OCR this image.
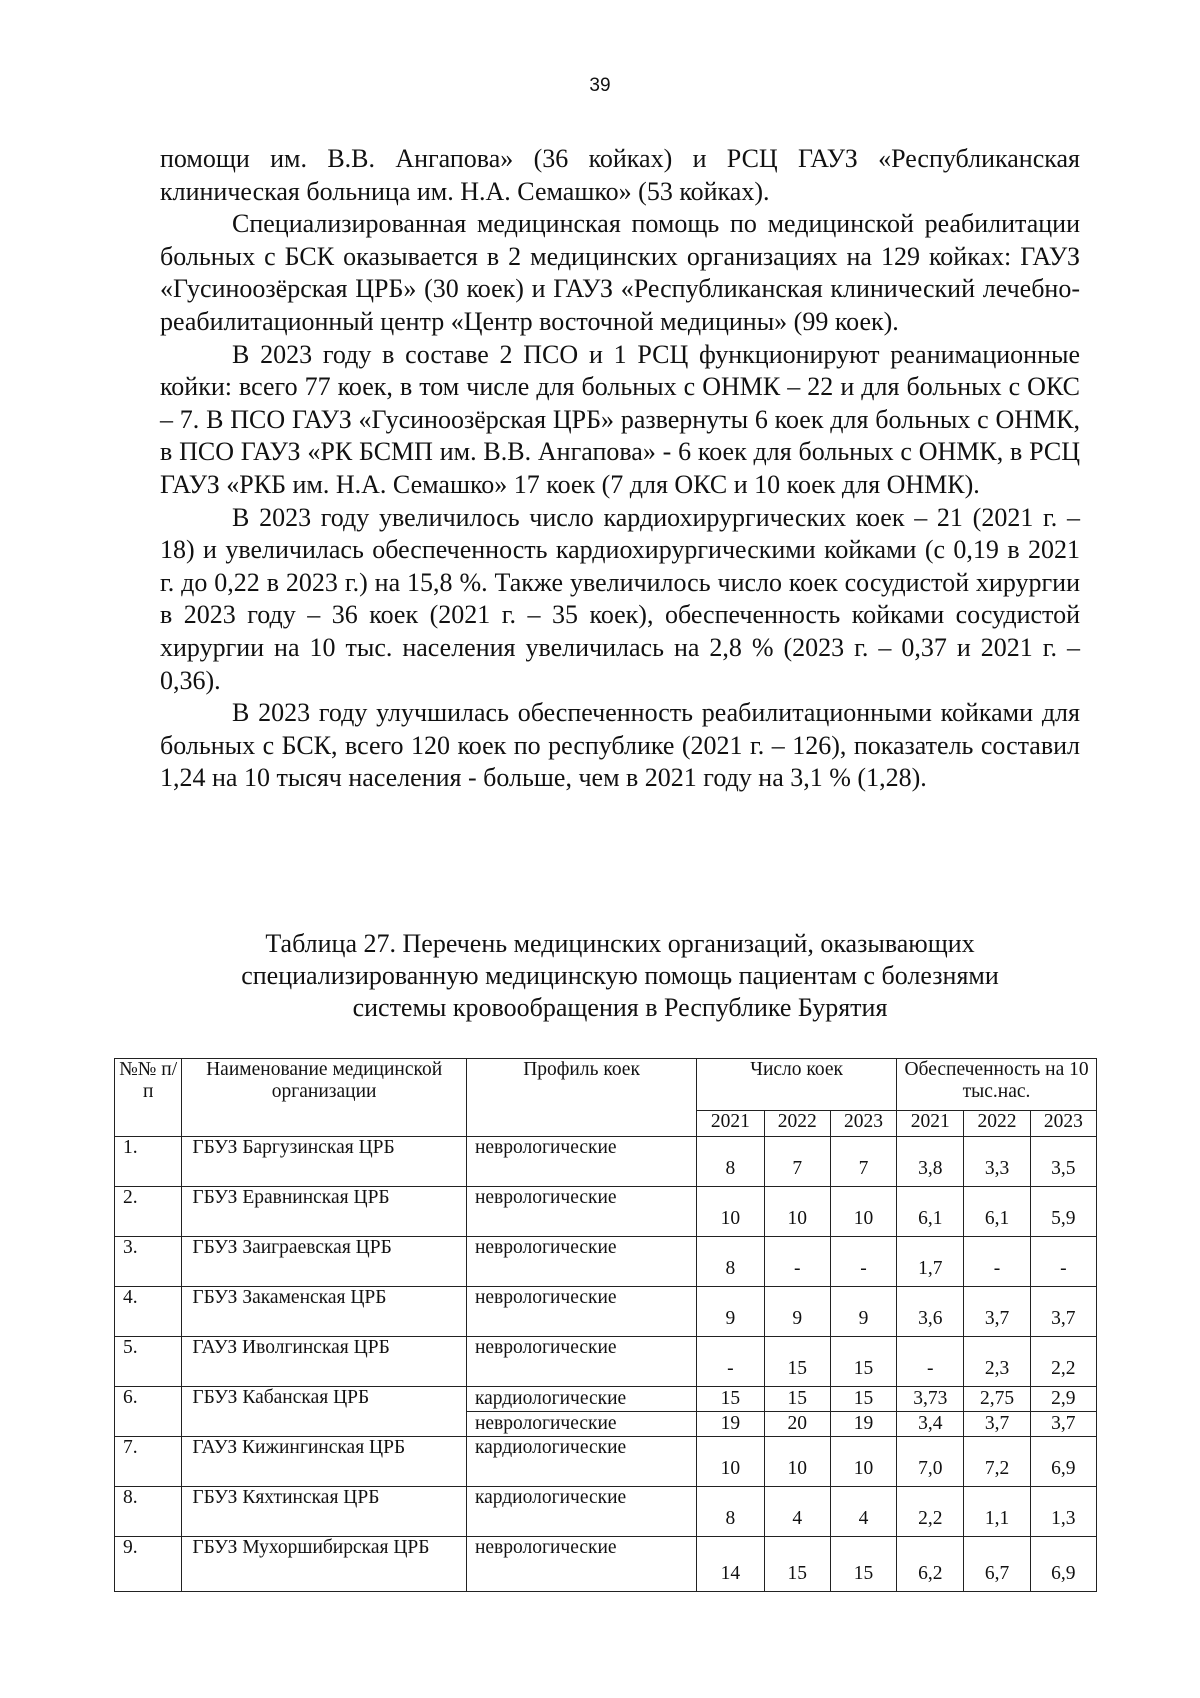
39

помощи им. В.В. Ангапова» (36 койках) и РСЦ ГАУЗ «Республиканская клиническая больница им. Н.А. Семашко» (53 койках).

Специализированная медицинская помощь по медицинской реабилитации больных с БСК оказывается в 2 медицинских организациях на 129 койках: ГАУЗ «Гусиноозёрская ЦРБ» (30 коек) и ГАУЗ «Республиканская клинический лечебно-реабилитационный центр «Центр восточной медицины» (99 коек).

В 2023 году в составе 2 ПСО и 1 РСЦ функционируют реанимационные койки: всего 77 коек, в том числе для больных с ОНМК – 22 и для больных с ОКС – 7. В ПСО ГАУЗ «Гусиноозёрская ЦРБ» развернуты 6 коек для больных с ОНМК, в ПСО ГАУЗ «РК БСМП им. В.В. Ангапова» - 6 коек для больных с ОНМК, в РСЦ ГАУЗ «РКБ им. Н.А. Семашко» 17 коек (7 для ОКС и 10 коек для ОНМК).

В 2023 году увеличилось число кардиохирургических коек – 21 (2021 г. – 18) и увеличилась обеспеченность кардиохирургическими койками (с 0,19 в 2021 г. до 0,22 в 2023 г.) на 15,8 %. Также увеличилось число коек сосудистой хирургии в 2023 году – 36 коек (2021 г. – 35 коек), обеспеченность койками сосудистой хирургии на 10 тыс. населения увеличилась на 2,8 % (2023 г. – 0,37 и 2021 г. – 0,36).

В 2023 году улучшилась обеспеченность реабилитационными койками для больных с БСК, всего 120 коек по республике (2021 г. – 126), показатель составил 1,24 на 10 тысяч населения - больше, чем в 2021 году на 3,1 % (1,28).

Таблица 27. Перечень медицинских организаций, оказывающих
специализированную медицинскую помощь пациентам с болезнями
системы кровообращения в Республике Бурятия
№№ п/п	Наименование медицинской организации	Профиль коек	Число коек			Обеспеченность на 10 тыс.нас.		
			2021	2022	2023	2021	2022	2023
1.	ГБУЗ Баргузинская ЦРБ	неврологические	8	7	7	3,8	3,3	3,5
2.	ГБУЗ Еравнинская ЦРБ	неврологические	10	10	10	6,1	6,1	5,9
3.	ГБУЗ Заиграевская ЦРБ	неврологические	8	-	-	1,7	-	-
4.	ГБУЗ Закаменская ЦРБ	неврологические	9	9	9	3,6	3,7	3,7
5.	ГАУЗ Иволгинская ЦРБ	неврологические	-	15	15	-	2,3	2,2
6.	ГБУЗ Кабанская ЦРБ	кардиологические	15	15	15	3,73	2,75	2,9
		неврологические	19	20	19	3,4	3,7	3,7
7.	ГАУЗ Кижингинская ЦРБ	кардиологические	10	10	10	7,0	7,2	6,9
8.	ГБУЗ Кяхтинская ЦРБ	кардиологические	8	4	4	2,2	1,1	1,3
9.	ГБУЗ Мухоршибирская ЦРБ	неврологические	14	15	15	6,2	6,7	6,9
